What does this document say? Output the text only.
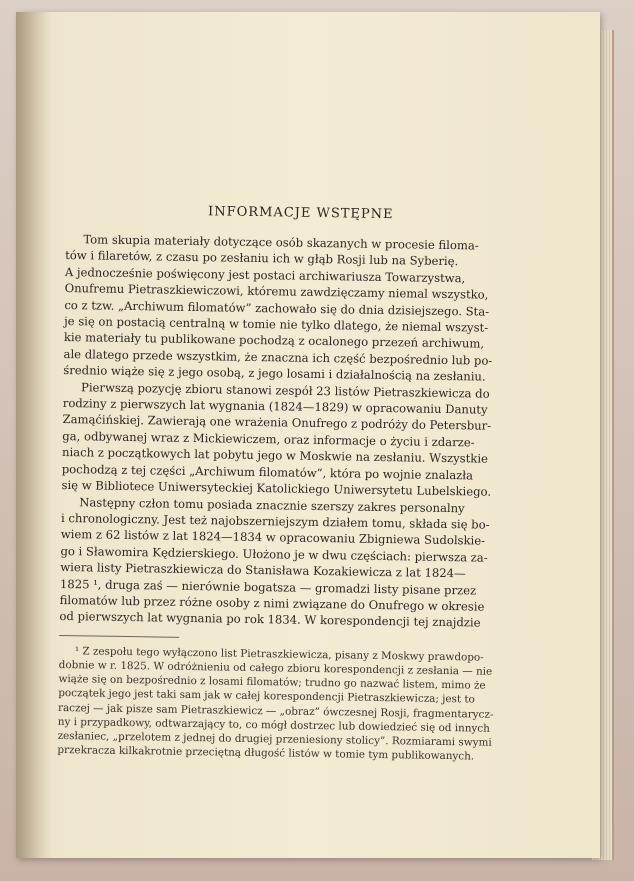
INFORMACJE WSTĘPNE
Tom skupia materiały dotyczące osób skazanych w procesie filoma-
tów i filaretów, z czasu po zesłaniu ich w głąb Rosji lub na Syberię.
A jednocześnie poświęcony jest postaci archiwariusza Towarzystwa,
Onufremu Pietraszkiewiczowi, któremu zawdzięczamy niemal wszystko,
co z tzw. „Archiwum filomatów” zachowało się do dnia dzisiejszego. Sta-
je się on postacią centralną w tomie nie tylko dlatego, że niemal wszyst-
kie materiały tu publikowane pochodzą z ocalonego przezeń archiwum,
ale dlatego przede wszystkim, że znaczna ich część bezpośrednio lub po-
średnio wiąże się z jego osobą, z jego losami i działalnością na zesłaniu.
Pierwszą pozycję zbioru stanowi zespół 23 listów Pietraszkiewicza do
rodziny z pierwszych lat wygnania (1824—1829) w opracowaniu Danuty
Zamąćińskiej. Zawierają one wrażenia Onufrego z podróży do Petersbur-
ga, odbywanej wraz z Mickiewiczem, oraz informacje o życiu i zdarze-
niach z początkowych lat pobytu jego w Moskwie na zesłaniu. Wszystkie
pochodzą z tej części „Archiwum filomatów”, która po wojnie znalazła
się w Bibliotece Uniwersyteckiej Katolickiego Uniwersytetu Lubelskiego.
Następny człon tomu posiada znacznie szerszy zakres personalny
i chronologiczny. Jest też najobszerniejszym działem tomu, składa się bo-
wiem z 62 listów z lat 1824—1834 w opracowaniu Zbigniewa Sudolskie-
go i Sławomira Kędzierskiego. Ułożono je w dwu częściach: pierwsza za-
wiera listy Pietraszkiewicza do Stanisława Kozakiewicza z lat 1824—
1825 ¹, druga zaś — nierównie bogatsza — gromadzi listy pisane przez
filomatów lub przez różne osoby z nimi związane do Onufrego w okresie
od pierwszych lat wygnania po rok 1834. W korespondencji tej znajdzie
¹ Z zespołu tego wyłączono list Pietraszkiewicza, pisany z Moskwy prawdopo-
dobnie w r. 1825. W odróżnieniu od całego zbioru korespondencji z zesłania — nie
wiąże się on bezpośrednio z losami filomatów; trudno go nazwać listem, mimo że
początek jego jest taki sam jak w całej korespondencji Pietraszkiewicza; jest to
raczej — jak pisze sam Pietraszkiewicz — „obraz” ówczesnej Rosji, fragmentarycz-
ny i przypadkowy, odtwarzający to, co mógł dostrzec lub dowiedzieć się od innych
zesłaniec, „przelotem z jednej do drugiej przeniesiony stolicy”. Rozmiarami swymi
przekracza kilkakrotnie przeciętną długość listów w tomie tym publikowanych.
